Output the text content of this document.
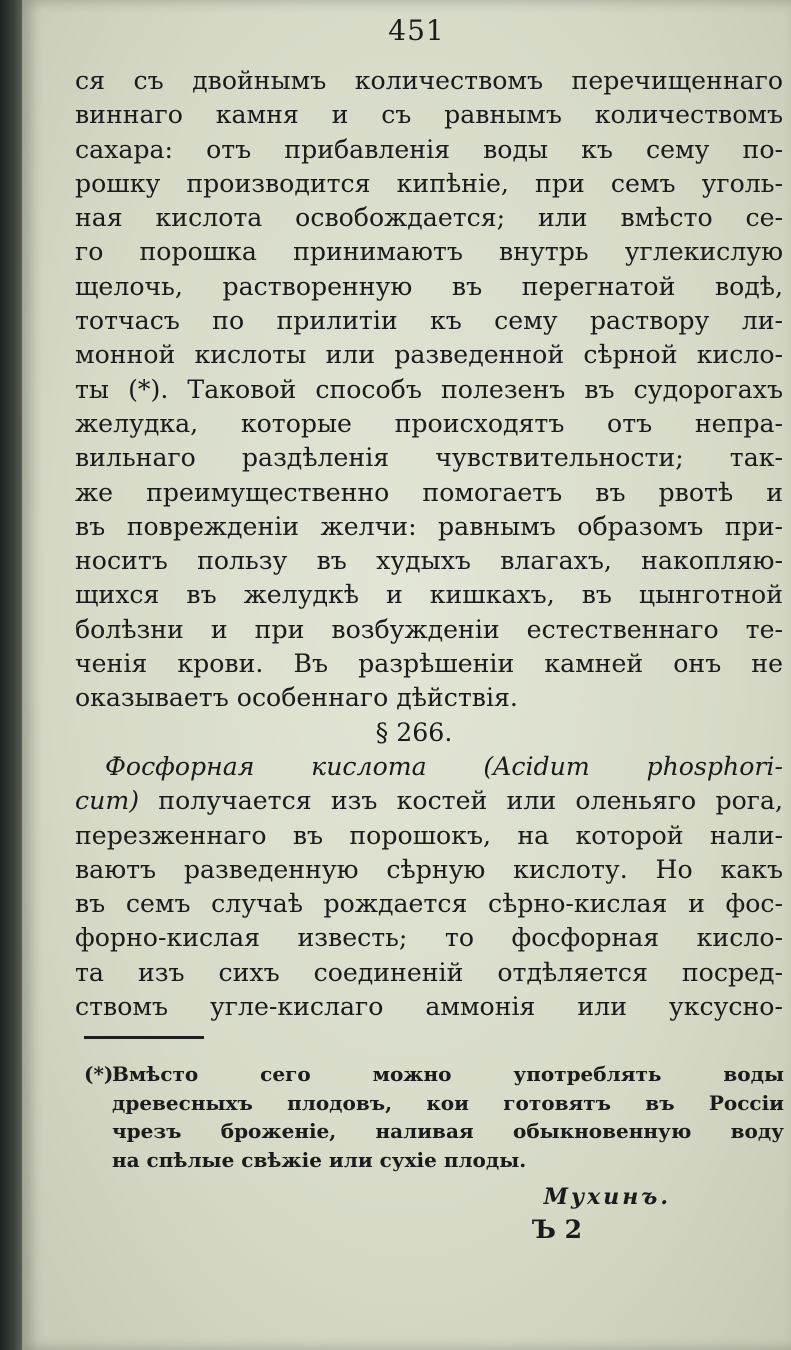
451
ся съ двойнымъ количествомъ перечищеннаго
виннаго камня и съ равнымъ количествомъ
сахара: отъ прибавленія воды къ сему по-
рошку производится кипѣніе, при семъ уголь-
ная кислота освобождается; или вмѣсто се-
го порошка принимаютъ внутрь углекислую
щелочь, растворенную въ перегнатой водѣ,
тотчасъ по прилитіи къ сему раствору ли-
монной кислоты или разведенной сѣрной кисло-
ты (*). Таковой способъ полезенъ въ судорогахъ
желудка, которые происходятъ отъ непра-
вильнаго раздѣленія чувствительности; так-
же преимущественно помогаетъ въ рвотѣ и
въ поврежденіи желчи: равнымъ образомъ при-
носитъ пользу въ худыхъ влагахъ, накопляю-
щихся въ желудкѣ и кишкахъ, въ цынготной
болѣзни и при возбужденіи естественнаго те-
ченія крови. Въ разрѣшеніи камней онъ не
оказываетъ особеннаго дѣйствія.
§ 266.
Фосфорная кислота (Acidum phosphori-
cum) получается изъ костей или оленьяго рога,
перезженнаго въ порошокъ, на которой нали-
ваютъ разведенную сѣрную кислоту. Но какъ
въ семъ случаѣ рождается сѣрно-кислая и фос-
форно-кислая известь; то фосфорная кисло-
та изъ сихъ соединеній отдѣляется посред-
ствомъ угле-кислаго аммонія или уксусно-
(*)Вмѣсто сего можно употреблять воды
древесныхъ плодовъ, кои готовятъ въ Россіи
чрезъ броженіе, наливая обыкновенную воду
на спѣлые свѣжіе или сухіе плоды.
Мухинъ.
Ъ 2
